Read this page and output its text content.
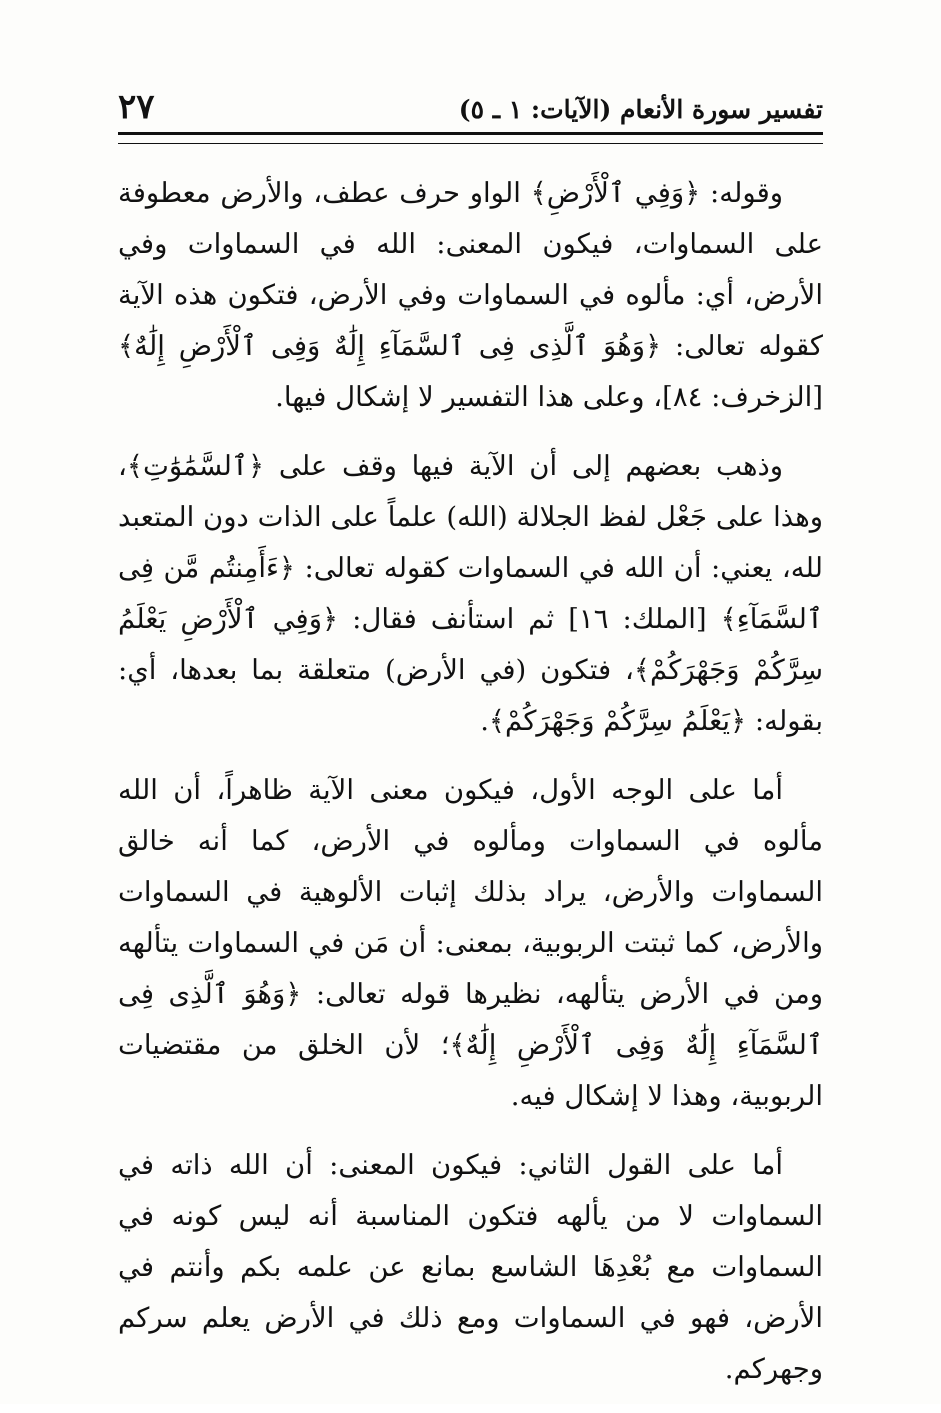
تفسير سورة الأنعام (الآيات: ١ ـ ٥)
٢٧

وقوله: ﴿وَفِي ٱلْأَرْضِ﴾ الواو حرف عطف، والأرض معطوفة على السماوات، فيكون المعنى: الله في السماوات وفي الأرض، أي: مألوه في السماوات وفي الأرض، فتكون هذه الآية كقوله تعالى: ﴿وَهُوَ ٱلَّذِى فِى ٱلسَّمَآءِ إِلَٰهٌ وَفِى ٱلْأَرْضِ إِلَٰهٌ﴾ [الزخرف: ٨٤]، وعلى هذا التفسير لا إشكال فيها.

وذهب بعضهم إلى أن الآية فيها وقف على ﴿ٱلسَّمَٰوَٰتِ﴾، وهذا على جَعْل لفظ الجلالة (الله) علماً على الذات دون المتعبد لله، يعني: أن الله في السماوات كقوله تعالى: ﴿ءَأَمِنتُم مَّن فِى ٱلسَّمَآءِ﴾ [الملك: ١٦] ثم استأنف فقال: ﴿وَفِي ٱلْأَرْضِ يَعْلَمُ سِرَّكُمْ وَجَهْرَكُمْ﴾، فتكون (في الأرض) متعلقة بما بعدها، أي: بقوله: ﴿يَعْلَمُ سِرَّكُمْ وَجَهْرَكُمْ﴾.

أما على الوجه الأول، فيكون معنى الآية ظاهراً، أن الله مألوه في السماوات ومألوه في الأرض، كما أنه خالق السماوات والأرض، يراد بذلك إثبات الألوهية في السماوات والأرض، كما ثبتت الربوبية، بمعنى: أن مَن في السماوات يتألهه ومن في الأرض يتألهه، نظيرها قوله تعالى: ﴿وَهُوَ ٱلَّذِى فِى ٱلسَّمَآءِ إِلَٰهٌ وَفِى ٱلْأَرْضِ إِلَٰهٌ﴾؛ لأن الخلق من مقتضيات الربوبية، وهذا لا إشكال فيه.

أما على القول الثاني: فيكون المعنى: أن الله ذاته في السماوات لا من يألهه فتكون المناسبة أنه ليس كونه في السماوات مع بُعْدِهَا الشاسع بمانع عن علمه بكم وأنتم في الأرض، فهو في السماوات ومع ذلك في الأرض يعلم سركم وجهركم.
